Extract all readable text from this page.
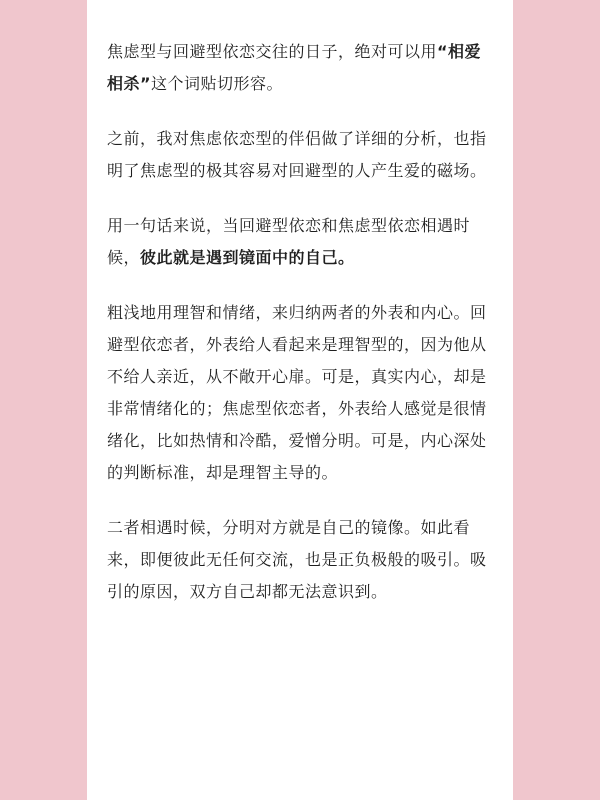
焦虑型与回避型依恋交往的日子，绝对可以用“相爱相杀”这个词贴切形容。

之前，我对焦虑依恋型的伴侣做了详细的分析，也指明了焦虑型的极其容易对回避型的人产生爱的磁场。

用一句话来说，当回避型依恋和焦虑型依恋相遇时候，彼此就是遇到镜面中的自己。

粗浅地用理智和情绪，来归纳两者的外表和内心。回避型依恋者，外表给人看起来是理智型的，因为他从不给人亲近，从不敞开心扉。可是，真实内心，却是非常情绪化的；焦虑型依恋者，外表给人感觉是很情绪化，比如热情和冷酷，爱憎分明。可是，内心深处的判断标准，却是理智主导的。

二者相遇时候，分明对方就是自己的镜像。如此看来，即便彼此无任何交流，也是正负极般的吸引。吸引的原因，双方自己却都无法意识到。
